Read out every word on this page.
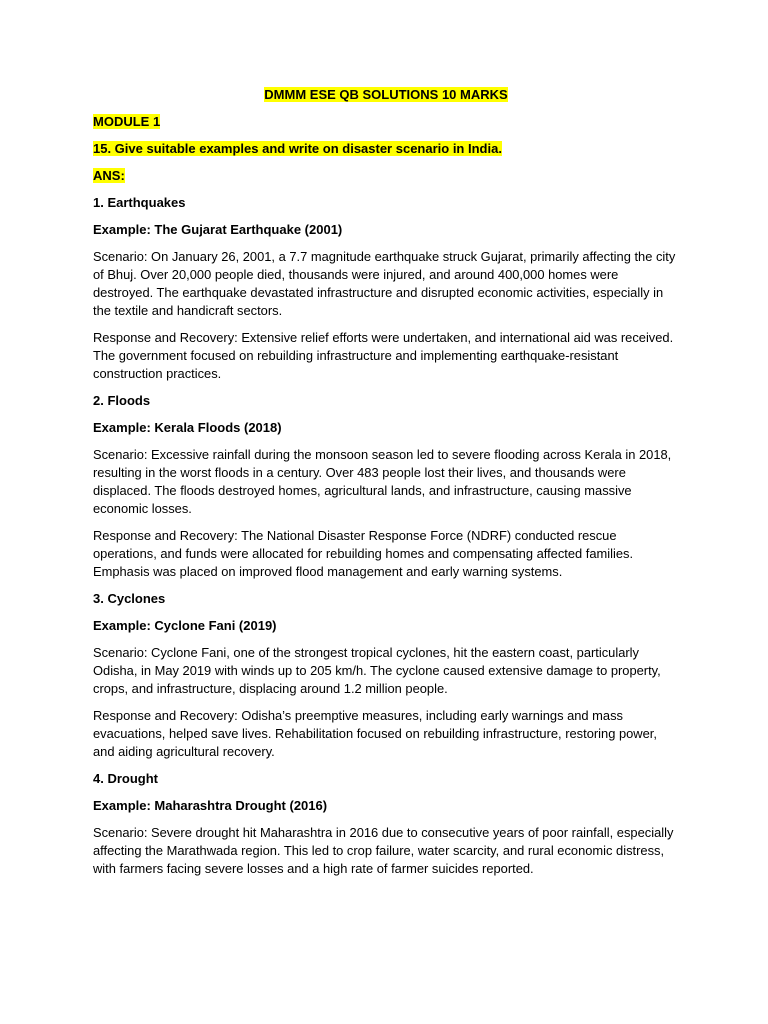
DMMM ESE QB SOLUTIONS 10 MARKS
MODULE 1
15. Give suitable examples and write on disaster scenario in India.
ANS:
1. Earthquakes
Example: The Gujarat Earthquake (2001)
Scenario: On January 26, 2001, a 7.7 magnitude earthquake struck Gujarat, primarily affecting the city of Bhuj. Over 20,000 people died, thousands were injured, and around 400,000 homes were destroyed. The earthquake devastated infrastructure and disrupted economic activities, especially in the textile and handicraft sectors.
Response and Recovery: Extensive relief efforts were undertaken, and international aid was received. The government focused on rebuilding infrastructure and implementing earthquake-resistant construction practices.
2. Floods
Example: Kerala Floods (2018)
Scenario: Excessive rainfall during the monsoon season led to severe flooding across Kerala in 2018, resulting in the worst floods in a century. Over 483 people lost their lives, and thousands were displaced. The floods destroyed homes, agricultural lands, and infrastructure, causing massive economic losses.
Response and Recovery: The National Disaster Response Force (NDRF) conducted rescue operations, and funds were allocated for rebuilding homes and compensating affected families. Emphasis was placed on improved flood management and early warning systems.
3. Cyclones
Example: Cyclone Fani (2019)
Scenario: Cyclone Fani, one of the strongest tropical cyclones, hit the eastern coast, particularly Odisha, in May 2019 with winds up to 205 km/h. The cyclone caused extensive damage to property, crops, and infrastructure, displacing around 1.2 million people.
Response and Recovery: Odisha’s preemptive measures, including early warnings and mass evacuations, helped save lives. Rehabilitation focused on rebuilding infrastructure, restoring power, and aiding agricultural recovery.
4. Drought
Example: Maharashtra Drought (2016)
Scenario: Severe drought hit Maharashtra in 2016 due to consecutive years of poor rainfall, especially affecting the Marathwada region. This led to crop failure, water scarcity, and rural economic distress, with farmers facing severe losses and a high rate of farmer suicides reported.
